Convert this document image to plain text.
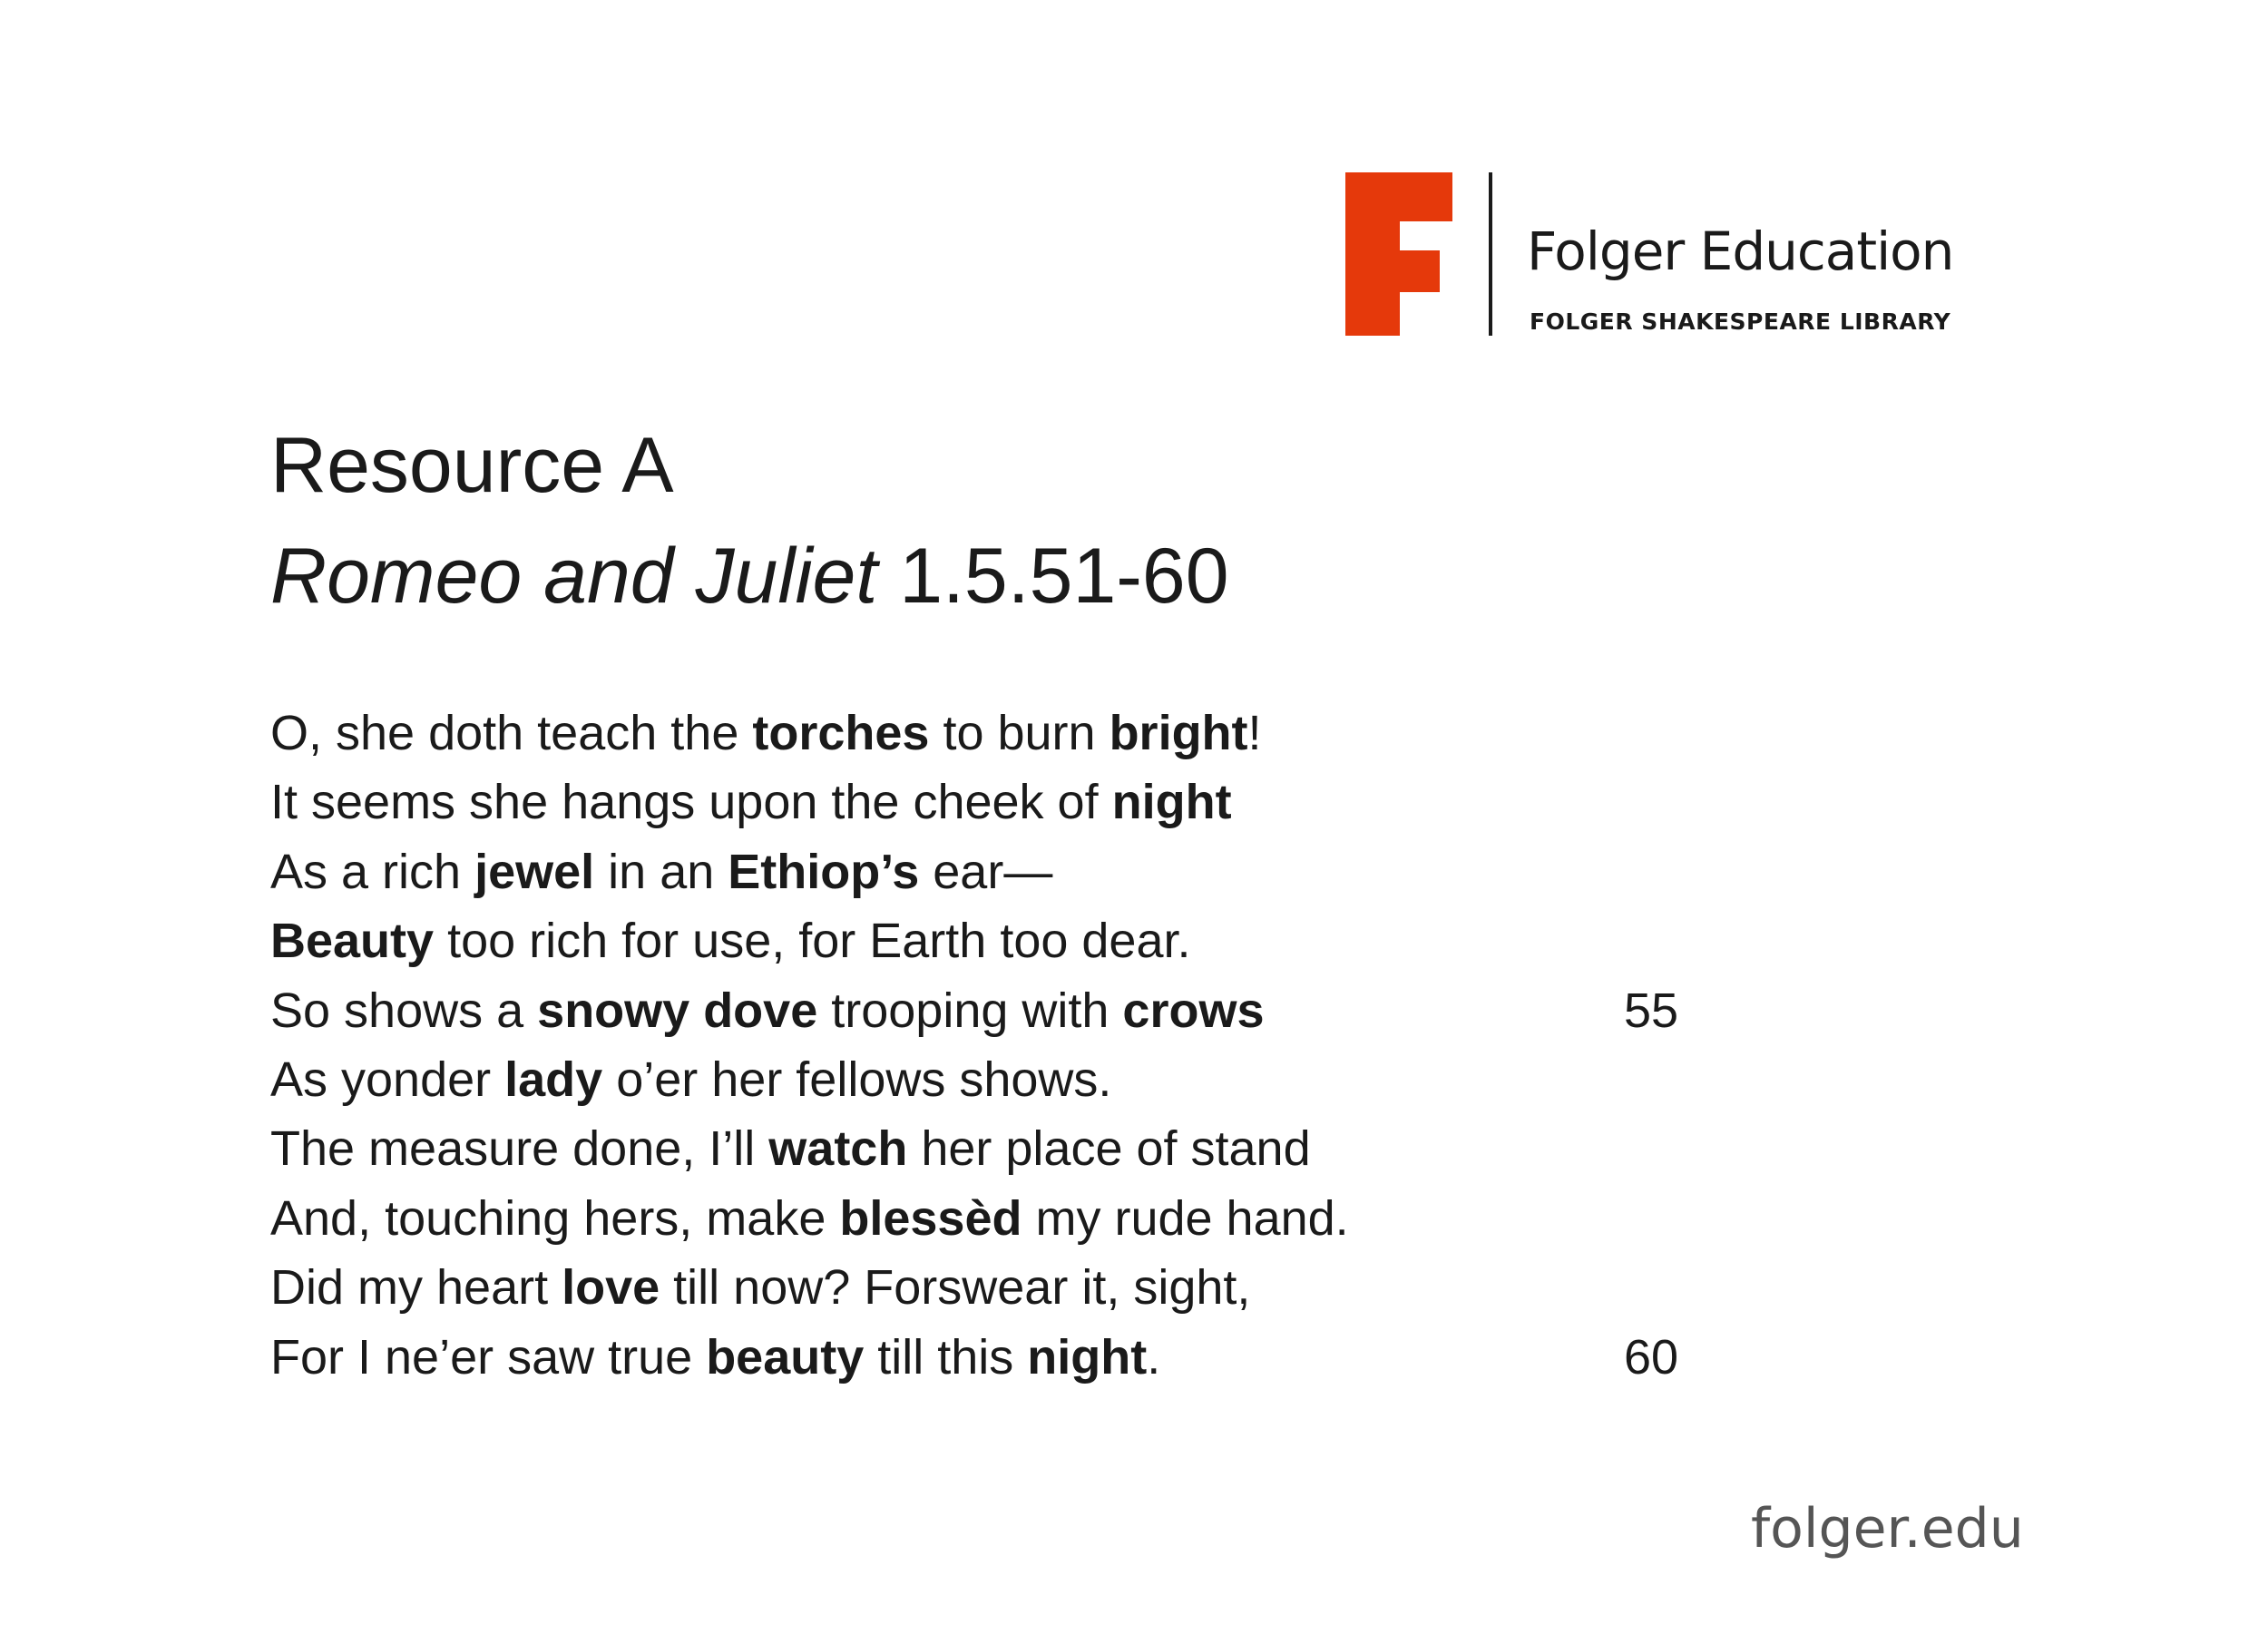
Folger Education
FOLGER SHAKESPEARE LIBRARY
Resource A
Romeo and Juliet 1.5.51-60
O, she doth teach the torches to burn bright!
It seems she hangs upon the cheek of night
As a rich jewel in an Ethiop’s ear—
Beauty too rich for use, for Earth too dear.
So shows a snowy dove trooping with crows	55
As yonder lady o’er her fellows shows.
The measure done, I’ll watch her place of stand
And, touching hers, make blessèd my rude hand.
Did my heart love till now? Forswear it, sight,
For I ne’er saw true beauty till this night.	60
folger.edu
